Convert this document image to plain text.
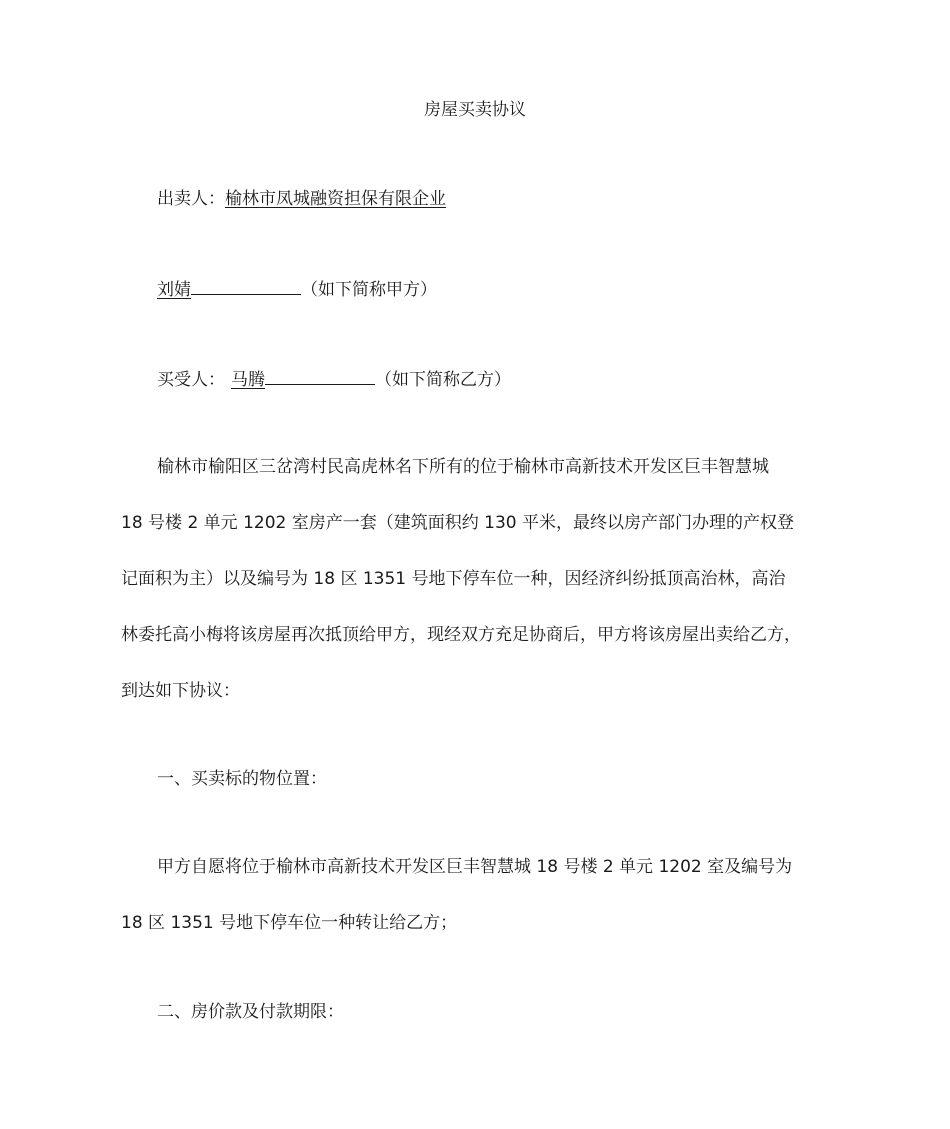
房屋买卖协议
出卖人：榆林市凤城融资担保有限企业
刘婧	（如下简称甲方）
买受人： 马腾	（如下简称乙方）
榆林市榆阳区三岔湾村民高虎林名下所有的位于榆林市高新技术开发区巨丰智慧城
18 号楼 2 单元 1202 室房产一套（建筑面积约 130 平米，最终以房产部门办理的产权登
记面积为主）以及编号为 18 区 1351 号地下停车位一种，因经济纠纷抵顶高治林，高治
林委托高小梅将该房屋再次抵顶给甲方，现经双方充足协商后，甲方将该房屋出卖给乙方，
到达如下协议：
一、买卖标的物位置：
甲方自愿将位于榆林市高新技术开发区巨丰智慧城 18 号楼 2 单元 1202 室及编号为
18 区 1351 号地下停车位一种转让给乙方；
二、房价款及付款期限：
